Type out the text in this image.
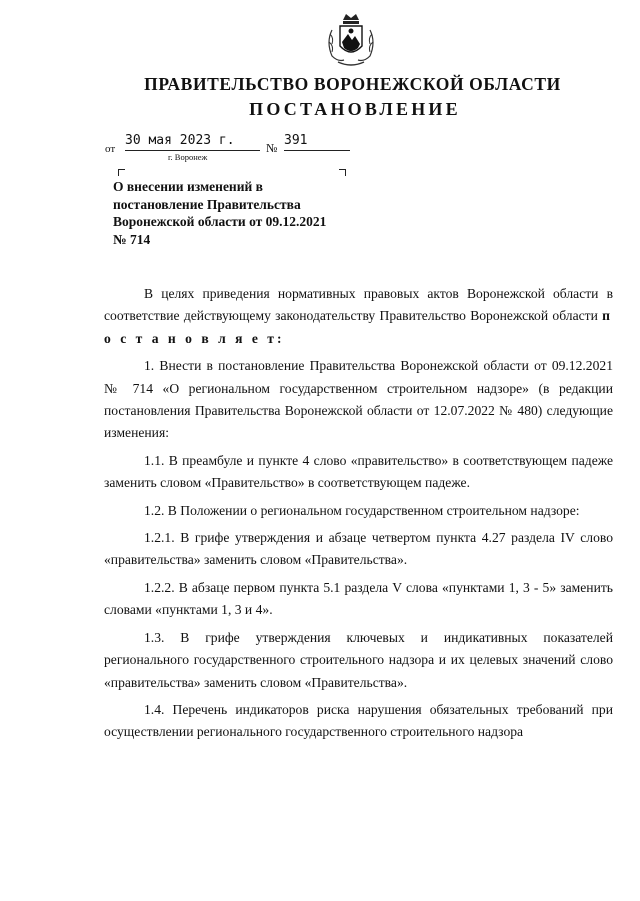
ПРАВИТЕЛЬСТВО ВОРОНЕЖСКОЙ ОБЛАСТИ
ПОСТАНОВЛЕНИЕ
от
30 мая 2023 г.	№ 391
г. Воронеж
О внесении изменений в постановление Правительства Воронежской области от 09.12.2021 № 714

В целях приведения нормативных правовых актов Воронежской области в соответствие действующему законодательству Правительство Воронежской области п о с т а н о в л я е т:

1. Внести в постановление Правительства Воронежской области от 09.12.2021 № 714 «О региональном государственном строительном надзоре» (в редакции постановления Правительства Воронежской области от 12.07.2022 № 480) следующие изменения:

1.1. В преамбуле и пункте 4 слово «правительство» в соответствующем падеже заменить словом «Правительство» в соответствующем падеже.

1.2. В Положении о региональном государственном строительном надзоре:

1.2.1. В грифе утверждения и абзаце четвертом пункта 4.27 раздела IV слово «правительства» заменить словом «Правительства».

1.2.2. В абзаце первом пункта 5.1 раздела V слова «пунктами 1, 3 - 5» заменить словами «пунктами 1, 3 и 4».

1.3. В грифе утверждения ключевых и индикативных показателей регионального государственного строительного надзора и их целевых значений слово «правительства» заменить словом «Правительства».

1.4. Перечень индикаторов риска нарушения обязательных требований при осуществлении регионального государственного строительного надзора
